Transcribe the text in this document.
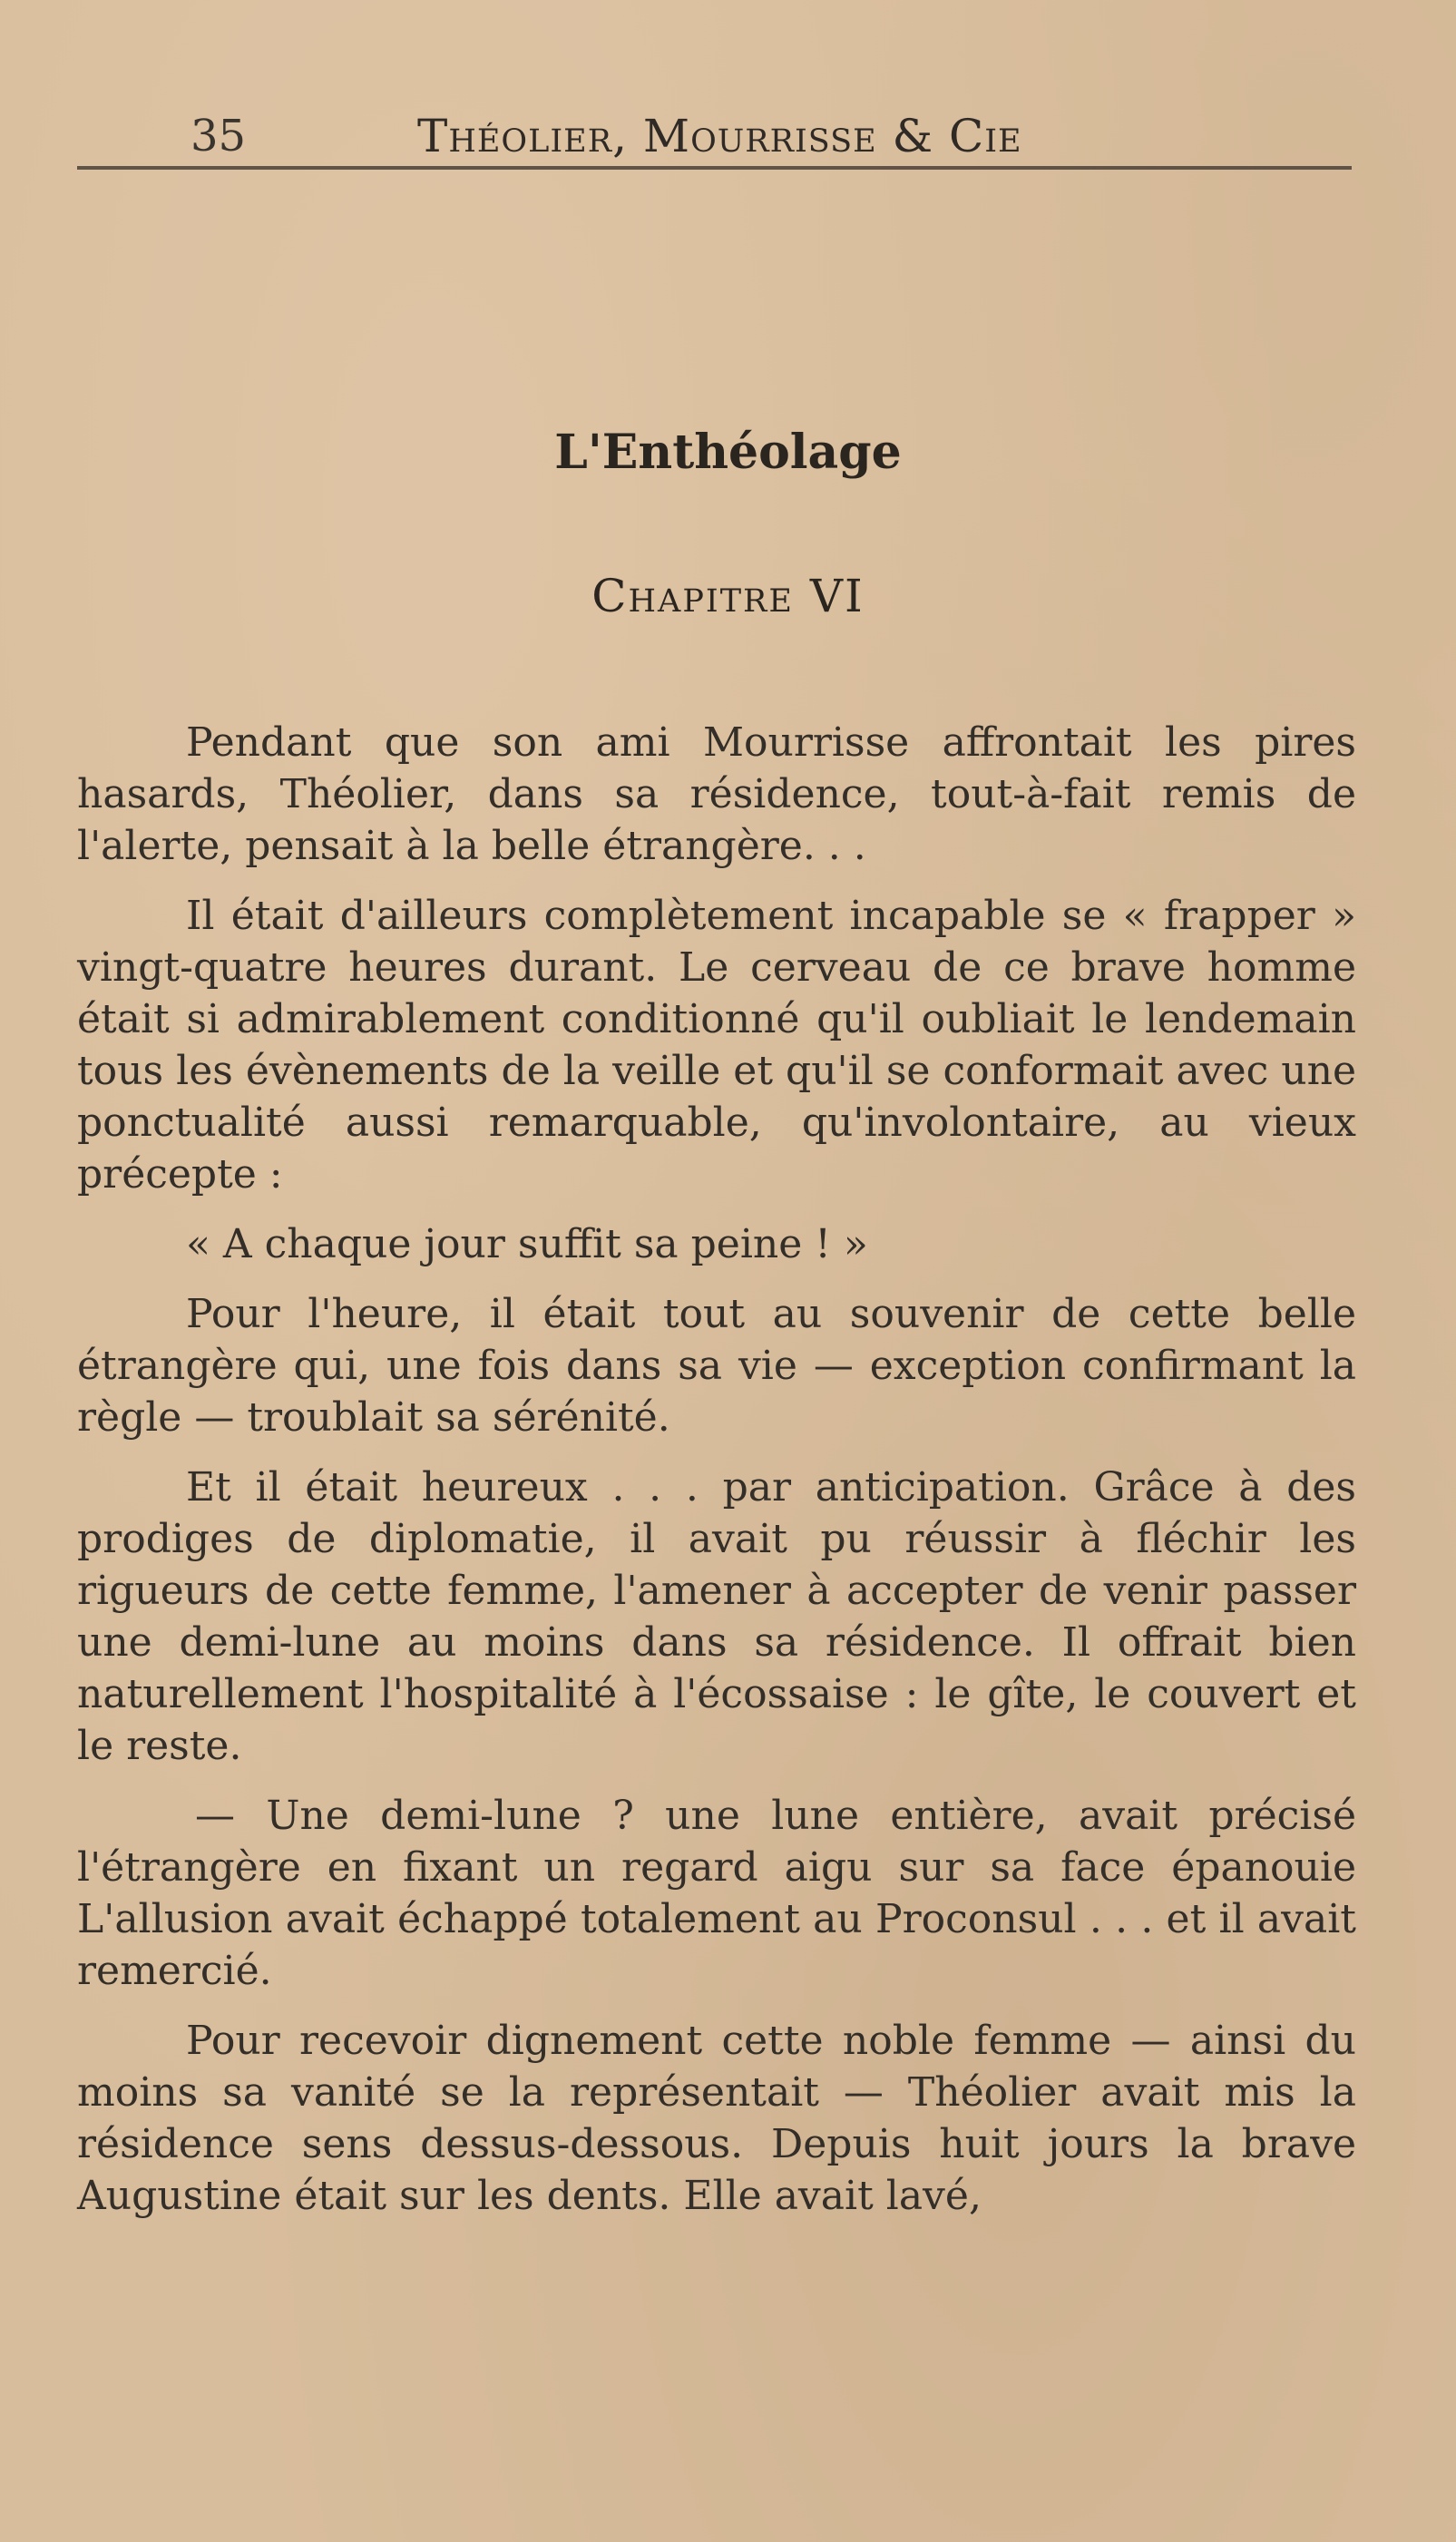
35	Théolier, Mourrisse & Cie
L'Enthéolage
Chapitre VI

Pendant que son ami Mourrisse affrontait les pires hasards, Théolier, dans sa résidence, tout-à-fait remis de l'alerte, pensait à la belle étrangère. . .

Il était d'ailleurs complètement incapable se « frapper » vingt-quatre heures durant. Le cerveau de ce brave homme était si admirablement conditionné qu'il oubliait le lendemain tous les évènements de la veille et qu'il se conformait avec une ponctualité aussi remarquable, qu'involontaire, au vieux précepte :

« A chaque jour suffit sa peine ! »

Pour l'heure, il était tout au souvenir de cette belle étrangère qui, une fois dans sa vie — exception confirmant la règle — troublait sa sérénité.

Et il était heureux . . . par anticipation. Grâce à des prodiges de diplomatie, il avait pu réussir à fléchir les rigueurs de cette femme, l'amener à accepter de venir passer une demi-lune au moins dans sa résidence. Il offrait bien naturellement l'hospitalité à l'écossaise : le gîte, le couvert et le reste.

— Une demi-lune ? une lune entière, avait précisé l'étrangère en fixant un regard aigu sur sa face épanouie L'allusion avait échappé totalement au Proconsul . . . et il avait remercié.

Pour recevoir dignement cette noble femme — ainsi du moins sa vanité se la représentait — Théolier avait mis la résidence sens dessus-dessous. Depuis huit jours la brave Augustine était sur les dents. Elle avait lavé,
